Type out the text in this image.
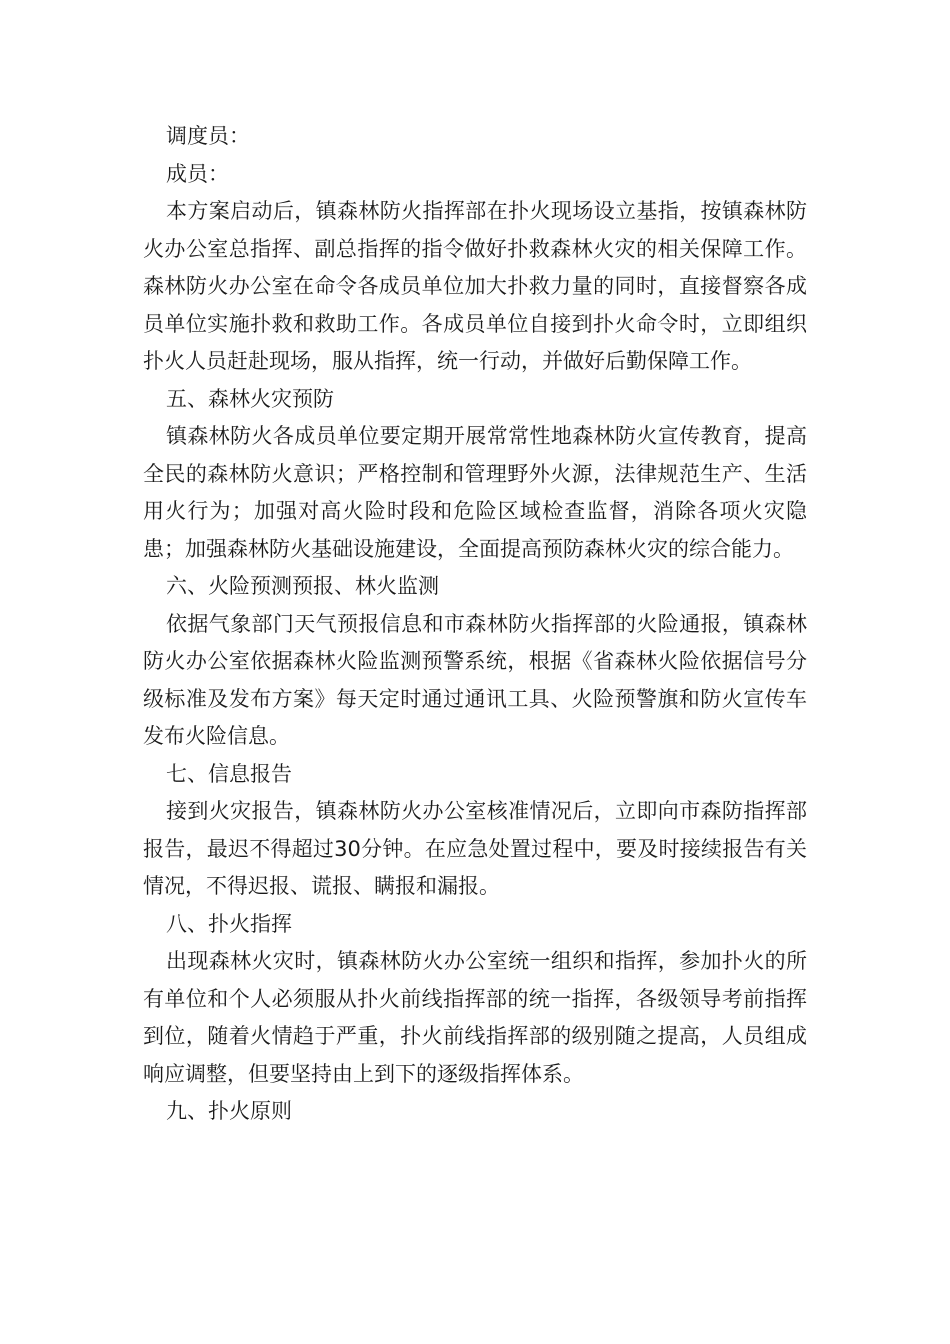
调度员：

成员：

本方案启动后，镇森林防火指挥部在扑火现场设立基指，按镇森林防火办公室总指挥、副总指挥的指令做好扑救森林火灾的相关保障工作。森林防火办公室在命令各成员单位加大扑救力量的同时，直接督察各成员单位实施扑救和救助工作。各成员单位自接到扑火命令时，立即组织扑火人员赶赴现场，服从指挥，统一行动，并做好后勤保障工作。

五、森林火灾预防

镇森林防火各成员单位要定期开展常常性地森林防火宣传教育，提高全民的森林防火意识；严格控制和管理野外火源，法律规范生产、生活用火行为；加强对高火险时段和危险区域检查监督，消除各项火灾隐患；加强森林防火基础设施建设，全面提高预防森林火灾的综合能力。

六、火险预测预报、林火监测

依据气象部门天气预报信息和市森林防火指挥部的火险通报，镇森林防火办公室依据森林火险监测预警系统，根据《省森林火险依据信号分级标准及发布方案》每天定时通过通讯工具、火险预警旗和防火宣传车发布火险信息。

七、信息报告

接到火灾报告，镇森林防火办公室核准情况后，立即向市森防指挥部报告，最迟不得超过30分钟。在应急处置过程中，要及时接续报告有关情况，不得迟报、谎报、瞒报和漏报。

八、扑火指挥

出现森林火灾时，镇森林防火办公室统一组织和指挥，参加扑火的所有单位和个人必须服从扑火前线指挥部的统一指挥，各级领导考前指挥到位，随着火情趋于严重，扑火前线指挥部的级别随之提高，人员组成响应调整，但要坚持由上到下的逐级指挥体系。

九、扑火原则
